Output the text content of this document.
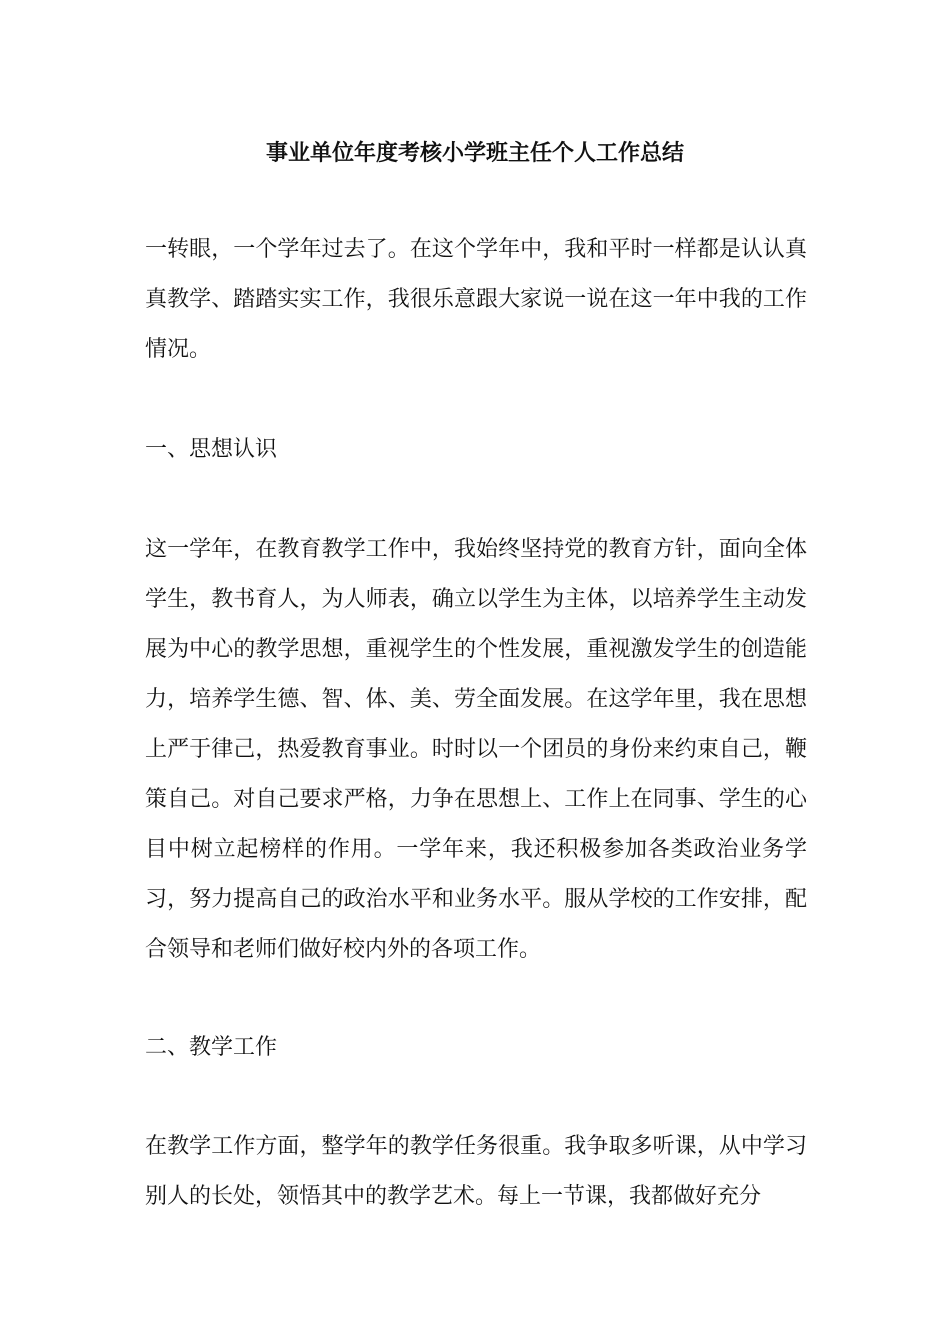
事业单位年度考核小学班主任个人工作总结

一转眼，一个学年过去了。在这个学年中，我和平时一样都是认认真真教学、踏踏实实工作，我很乐意跟大家说一说在这一年中我的工作情况。

一、思想认识

这一学年，在教育教学工作中，我始终坚持党的教育方针，面向全体学生，教书育人，为人师表，确立以学生为主体，以培养学生主动发展为中心的教学思想，重视学生的个性发展，重视激发学生的创造能力，培养学生德、智、体、美、劳全面发展。在这学年里，我在思想上严于律己，热爱教育事业。时时以一个团员的身份来约束自己，鞭策自己。对自己要求严格，力争在思想上、工作上在同事、学生的心目中树立起榜样的作用。一学年来，我还积极参加各类政治业务学习，努力提高自己的政治水平和业务水平。服从学校的工作安排，配合领导和老师们做好校内外的各项工作。

二、教学工作

在教学工作方面，整学年的教学任务很重。我争取多听课，从中学习别人的长处，领悟其中的教学艺术。每上一节课，我都做好充分
